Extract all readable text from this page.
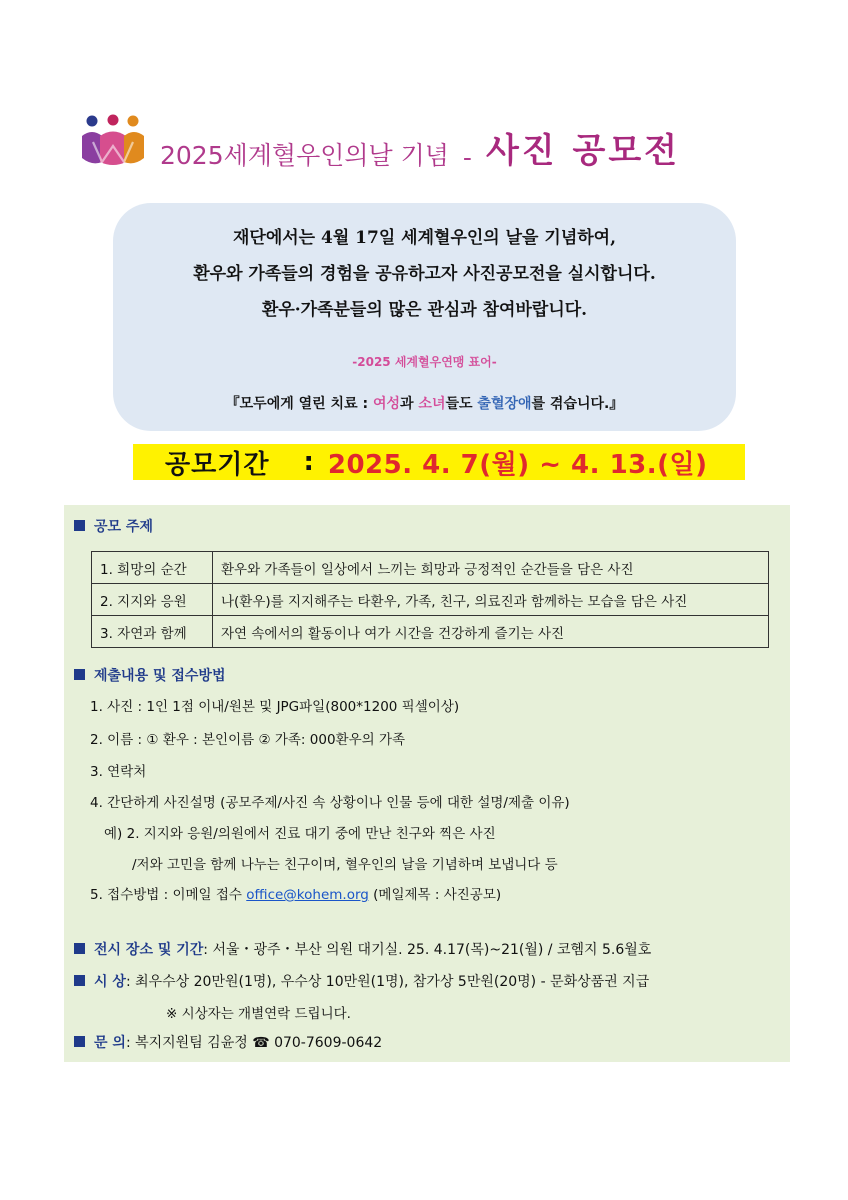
2025세계혈우인의날 기념 - 사진 공모전
재단에서는 4월 17일 세계혈우인의 날을 기념하여,
환우와 가족들의 경험을 공유하고자 사진공모전을 실시합니다.
환우·가족분들의 많은 관심과 참여바랍니다.
-2025 세계혈우연맹 표어-
『모두에게 열린 치료 : 여성과 소녀들도 출혈장애를 겪습니다.』
공모기간 : 2025. 4. 7(월) ~ 4. 13.(일)
공모 주제
1. 희망의 순간	환우와 가족들이 일상에서 느끼는 희망과 긍정적인 순간들을 담은 사진
2. 지지와 응원	나(환우)를 지지해주는 타환우, 가족, 친구, 의료진과 함께하는 모습을 담은 사진
3. 자연과 함께	자연 속에서의 활동이나 여가 시간을 건강하게 즐기는 사진
제출내용 및 접수방법
1. 사진 : 1인 1점 이내/원본 및 JPG파일(800*1200 픽셀이상)
2. 이름 : ① 환우 : 본인이름 ② 가족: 000환우의 가족
3. 연락처
4. 간단하게 사진설명 (공모주제/사진 속 상황이나 인물 등에 대한 설명/제출 이유)
예) 2. 지지와 응원/의원에서 진료 대기 중에 만난 친구와 찍은 사진
/저와 고민을 함께 나누는 친구이며, 혈우인의 날을 기념하며 보냅니다 등
5. 접수방법 : 이메일 접수 office@kohem.org (메일제목 : 사진공모)
전시 장소 및 기간: 서울・광주・부산 의원 대기실. 25. 4.17(목)~21(월) / 코헴지 5.6월호
시 상: 최우수상 20만원(1명), 우수상 10만원(1명), 참가상 5만원(20명) - 문화상품권 지급
※ 시상자는 개별연락 드립니다.
문 의: 복지지원팀 김윤정 ☎ 070-7609-0642
